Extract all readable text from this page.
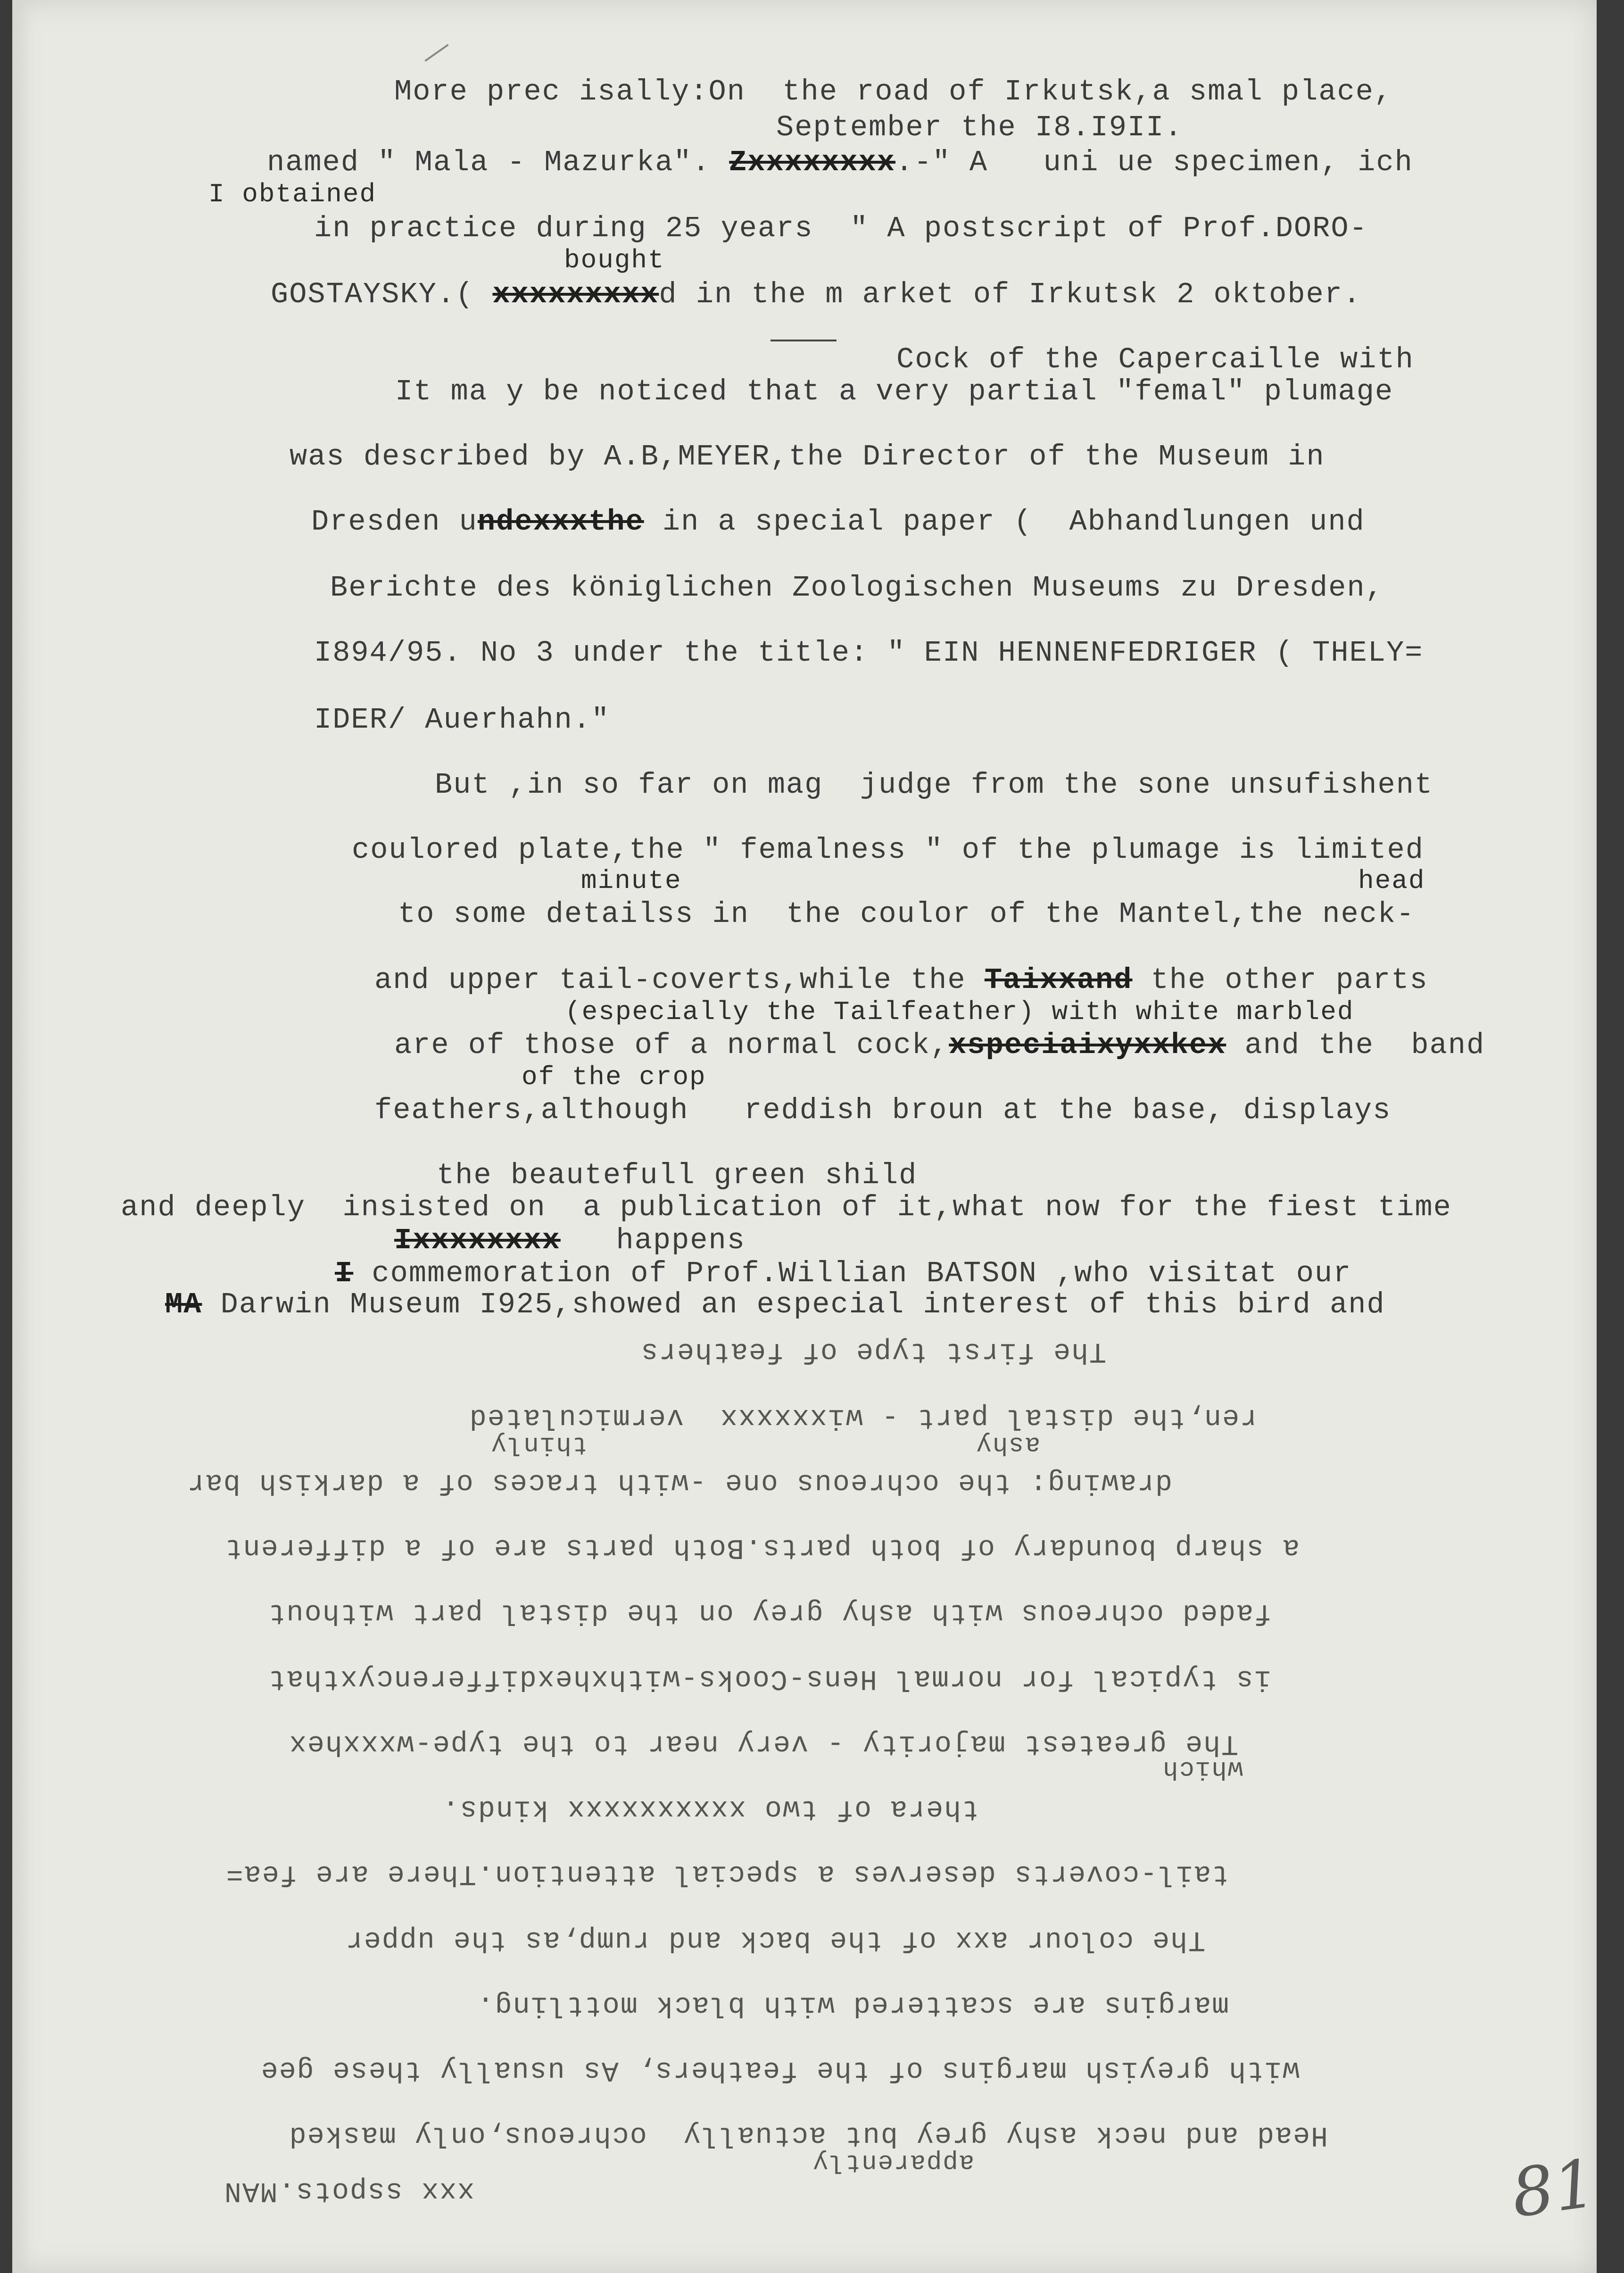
More prec isally:On  the road of Irkutsk,a smal place,
September the I8.I9II.
named " Mala - Mazurka". Zxxxxxxxx.-" A   uni ue specimen, ich
I obtained
in practice during 25 years  " A postscript of Prof.DORO-
bought
GOSTAYSKY.( xxxxxxxxxd in the m arket of Irkutsk 2 oktober.
Cock of the Capercaille with
It ma y be noticed that a very partial "femal" plumage
was described by A.B,MEYER,the Director of the Museum in
Dresden undexxxthe in a special paper (  Abhandlungen und
Berichte des königlichen Zoologischen Museums zu Dresden,
I894/95. No 3 under the title: " EIN HENNENFEDRIGER ( THELY=
IDER/ Auerhahn."
But ,in so far on mag  judge from the sone unsufishent
coulored plate,the " femalness " of the plumage is limited
minute	head
to some detailss in  the coulor of the Mantel,the neck-
and upper tail-coverts,while the Taixxand the other parts
(especially the Tailfeather) with white marbled
are of those of a normal cock,xspeciaixyxxkex and the  band
of the crop
feathers,although   reddish broun at the base, displays
the beautefull green shild
and deeply  insisted on  a publication of it,what now for the fiest time
Ixxxxxxxx   happens
I commemoration of Prof.Willian BATSON ,who visitat our
MA Darwin Museum I925,showed an especial interest of this bird and
The first type of feathers
ren,the distal part - wixxxxxx  vermiculated
ashy
thinly
drawing: the ochreous one -with traces of a darkish bar
a sharp boundary of both parts.Both parts are of a different
faded ochreous with ashy grey on the distal part without
is typical for normal Hens-Cooks-withxhexdifferencyxthat
The greatest majority - very near to the type-wxxxhex
which
thera of two xxxxxxxxxx kinds.
tail-coverts deserves a special attention.There are fea=
The colour axx of the back and rump,as the upper
margins are scattered with black mottling.
with greyish margins of the feathers, As usually these gee
Head and neck ashy grey but actually  ochreous,only masked
apparently
xxx sspots.MAN	81
